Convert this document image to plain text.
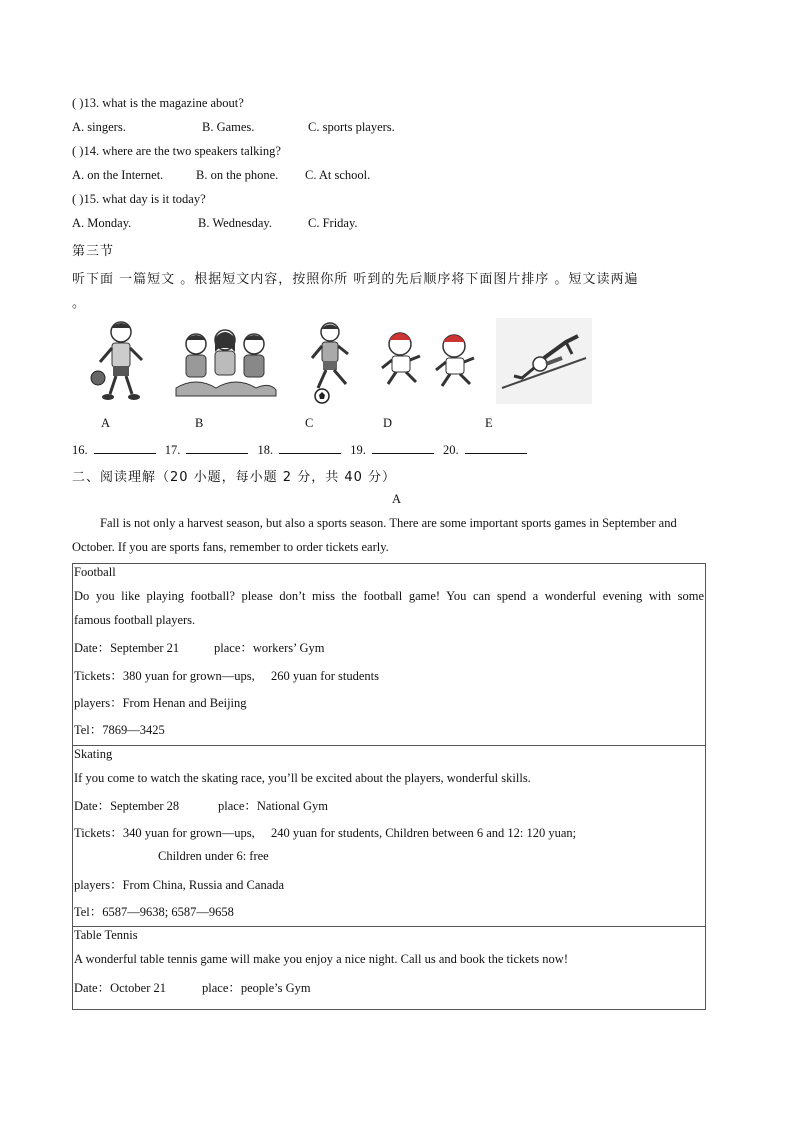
( )13. what is the magazine about?
A. singers.	B. Games.	C. sports players.
( )14. where are the two speakers talking?
A. on the Internet.	B. on the phone. C. At school.
( )15. what day is it today?
A. Monday.	B. Wednesday.	C. Friday.
第三节
听下面 一篇短文 。根据短文内容，按照你所 听到的先后顺序将下面图片排序 。短文读两遍
。
A	B	C	D	E
16.	17.	18.	19.	20.
二、阅读理解（20 小题，每小题 2 分，共 40 分）
A
Fall is not only a harvest season, but also a sports season. There are some important sports games in September and
October. If you are sports fans, remember to order tickets early.
Football
Do you like playing football? please don’t miss the football game! You can spend a wonderful evening with some
famous football players.
Date：September 21	place：workers’ Gym
Tickets：380 yuan for grown—ups, 260 yuan for students
players：From Henan and Beijing
Tel：7869—3425
Skating
If you come to watch the skating race, you’ll be excited about the players, wonderful skills.
Date：September 28	place：National Gym
Tickets：340 yuan for grown—ups, 240 yuan for students, Children between 6 and 12: 120 yuan;
Children under 6: free
players：From China, Russia and Canada
Tel：6587—9638; 6587—9658
Table Tennis
A wonderful table tennis game will make you enjoy a nice night. Call us and book the tickets now!
Date：October 21	place：people’s Gym
